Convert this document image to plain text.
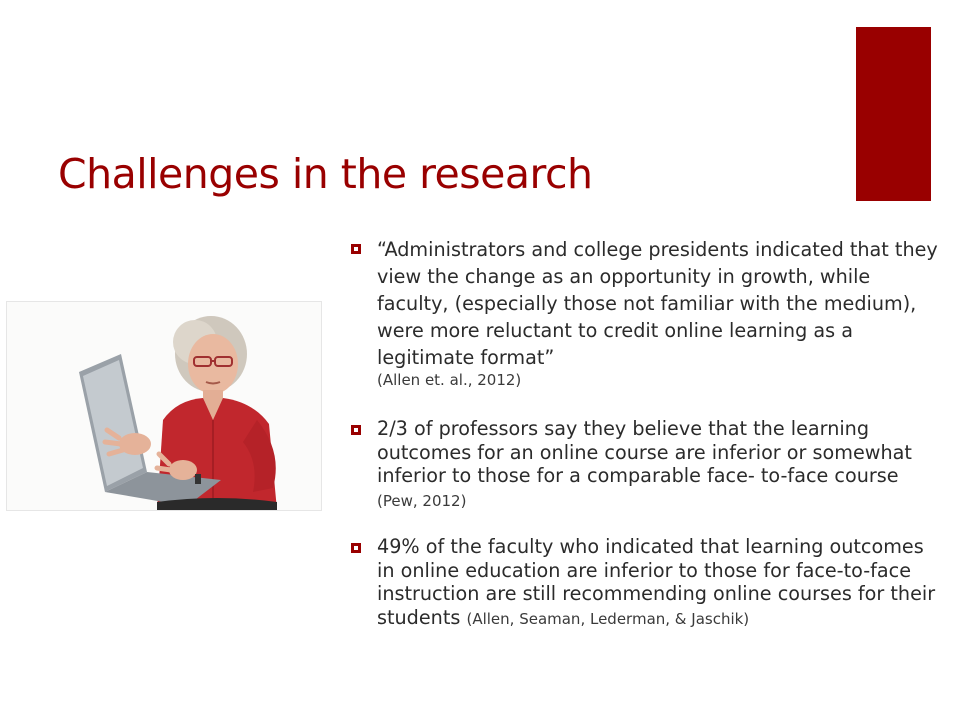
Challenges in the research
“Administrators and college presidents indicated that they view the change as an opportunity in growth, while faculty, (especially those not familiar with the medium), were more reluctant to credit online learning as a legitimate format”
(Allen et. al., 2012)
2/3 of professors say they believe that the learning outcomes for an online course are inferior or somewhat inferior to those for a comparable face- to-face course (Pew, 2012)
49% of the faculty who indicated that learning outcomes in online education are inferior to those for face-to-face instruction are still recommending online courses for their students (Allen, Seaman, Lederman, & Jaschik)
